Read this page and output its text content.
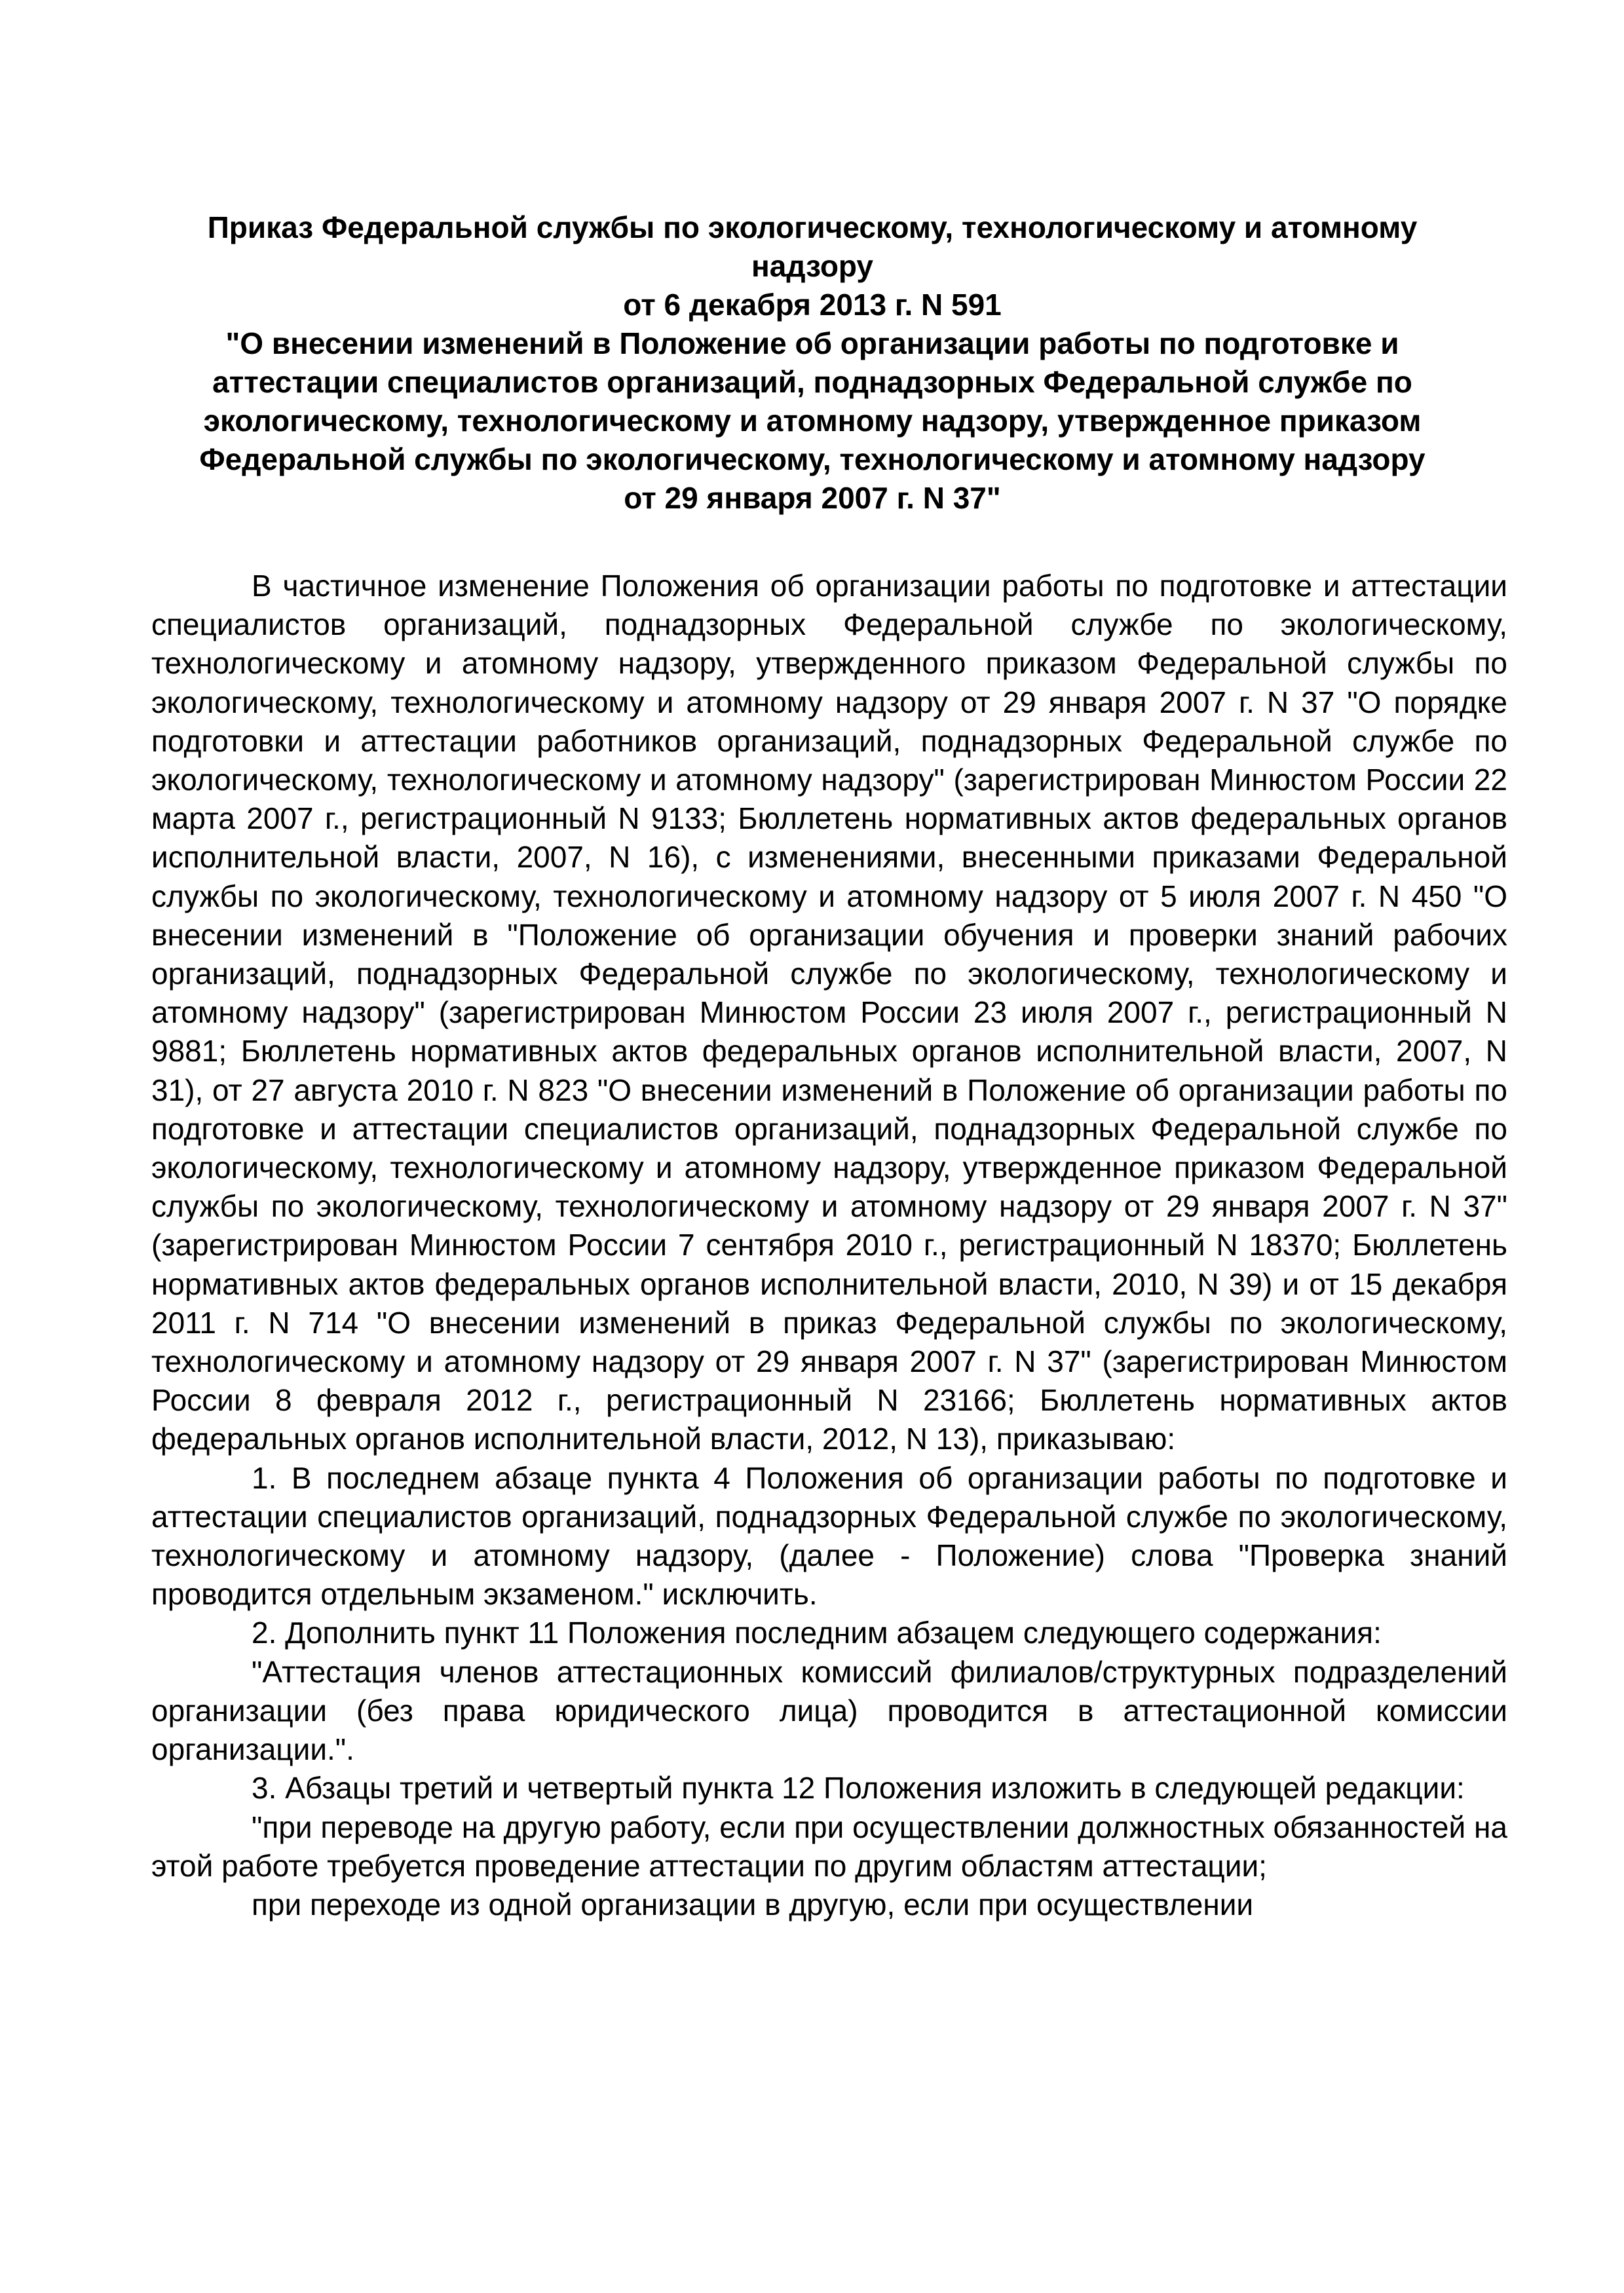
Приказ Федеральной службы по экологическому, технологическому и атомному
надзору
от 6 декабря 2013 г. N 591
"О внесении изменений в Положение об организации работы по подготовке и
аттестации специалистов организаций, поднадзорных Федеральной службе по
экологическому, технологическому и атомному надзору, утвержденное приказом
Федеральной службы по экологическому, технологическому и атомному надзору
от 29 января 2007 г. N 37"

В частичное изменение Положения об организации работы по подготовке и аттестации специалистов организаций, поднадзорных Федеральной службе по экологическому, технологическому и атомному надзору, утвержденного приказом Федеральной службы по экологическому, технологическому и атомному надзору от 29 января 2007 г. N 37 "О порядке подготовки и аттестации работников организаций, поднадзорных Федеральной службе по экологическому, технологическому и атомному надзору" (зарегистрирован Минюстом России 22 марта 2007 г., регистрационный N 9133; Бюллетень нормативных актов федеральных органов исполнительной власти, 2007, N 16), с изменениями, внесенными приказами Федеральной службы по экологическому, технологическому и атомному надзору от 5 июля 2007 г. N 450 "О внесении изменений в "Положение об организации обучения и проверки знаний рабочих организаций, поднадзорных Федеральной службе по экологическому, технологическому и атомному надзору" (зарегистрирован Минюстом России 23 июля 2007 г., регистрационный N 9881; Бюллетень нормативных актов федеральных органов исполнительной власти, 2007, N 31), от 27 августа 2010 г. N 823 "О внесении изменений в Положение об организации работы по подготовке и аттестации специалистов организаций, поднадзорных Федеральной службе по экологическому, технологическому и атомному надзору, утвержденное приказом Федеральной службы по экологическому, технологическому и атомному надзору от 29 января 2007 г. N 37" (зарегистрирован Минюстом России 7 сентября 2010 г., регистрационный N 18370; Бюллетень нормативных актов федеральных органов исполнительной власти, 2010, N 39) и от 15 декабря 2011 г. N 714 "О внесении изменений в приказ Федеральной службы по экологическому, технологическому и атомному надзору от 29 января 2007 г. N 37" (зарегистрирован Минюстом России 8 февраля 2012 г., регистрационный N 23166; Бюллетень нормативных актов федеральных органов исполнительной власти, 2012, N 13), приказываю:

1. В последнем абзаце пункта 4 Положения об организации работы по подготовке и аттестации специалистов организаций, поднадзорных Федеральной службе по экологическому, технологическому и атомному надзору, (далее - Положение) слова "Проверка знаний проводится отдельным экзаменом." исключить.

2. Дополнить пункт 11 Положения последним абзацем следующего содержания:

"Аттестация членов аттестационных комиссий филиалов/структурных подразделений организации (без права юридического лица) проводится в аттестационной комиссии организации.".

3. Абзацы третий и четвертый пункта 12 Положения изложить в следующей редакции:

"при переводе на другую работу, если при осуществлении должностных обязанностей на этой работе требуется проведение аттестации по другим областям аттестации;

при переходе из одной организации в другую, если при осуществлении
